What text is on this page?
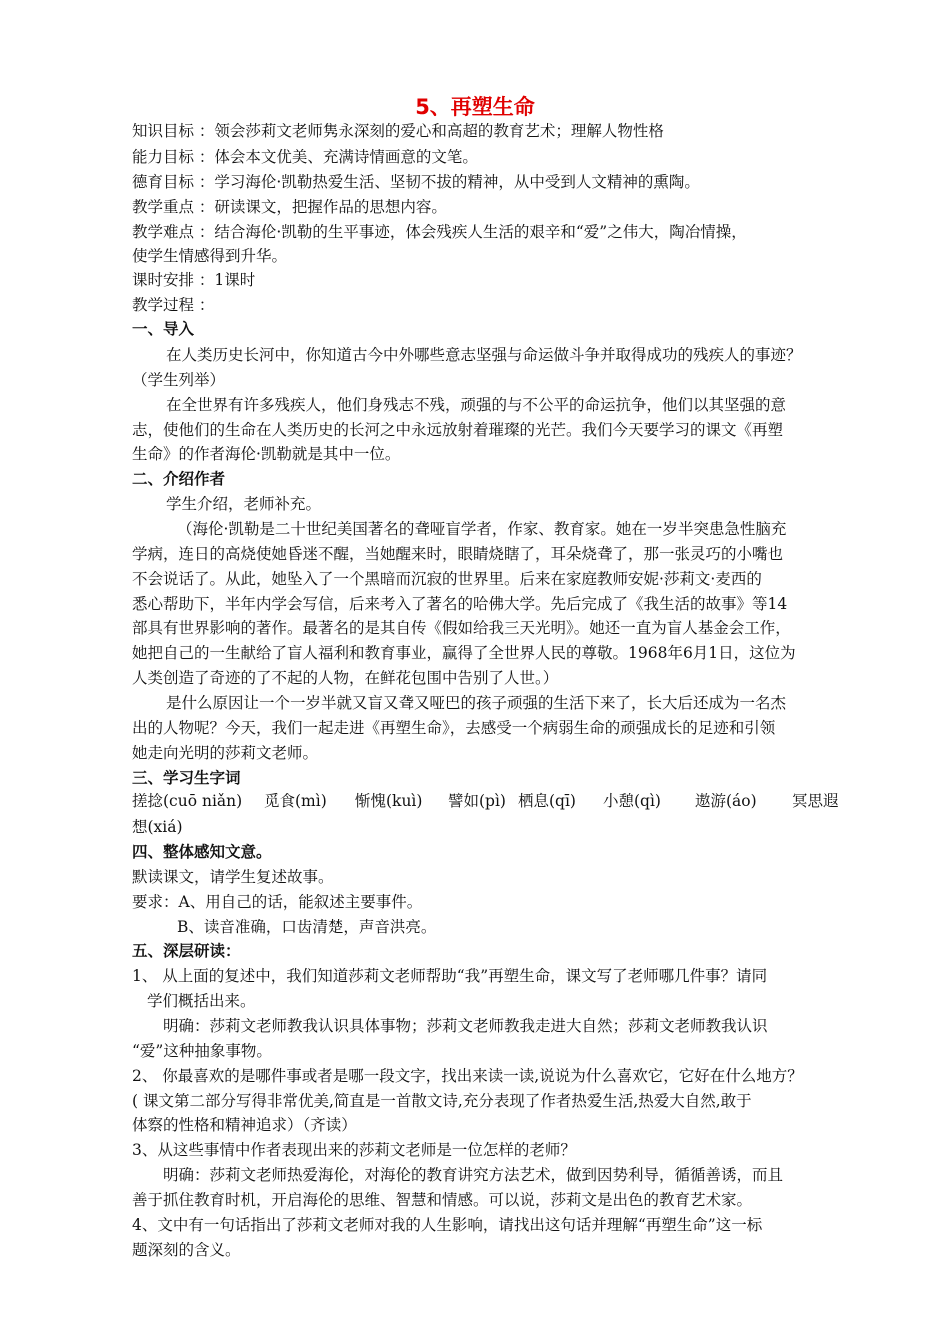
5、再塑生命
知识目标 ：领会莎莉文老师隽永深刻的爱心和高超的教育艺术；理解人物性格
能力目标 ：体会本文优美、充满诗情画意的文笔。
德育目标 ：学习海伦·凯勒热爱生活、坚韧不拔的精神，从中受到人文精神的熏陶。
教学重点 ：研读课文，把握作品的思想内容。
教学难点 ：结合海伦·凯勒的生平事迹，体会残疾人生活的艰辛和“爱”之伟大，陶冶情操，
使学生情感得到升华。
课时安排 ：1课时
教学过程 ：
一、导入
在人类历史长河中，你知道古今中外哪些意志坚强与命运做斗争并取得成功的残疾人的事迹？
（学生列举）
在全世界有许多残疾人，他们身残志不残，顽强的与不公平的命运抗争，他们以其坚强的意
志，使他们的生命在人类历史的长河之中永远放射着璀璨的光芒。我们今天要学习的课文《再塑
生命》的作者海伦·凯勒就是其中一位。
二、介绍作者
学生介绍，老师补充。
（海伦·凯勒是二十世纪美国著名的聋哑盲学者，作家、教育家。她在一岁半突患急性脑充
学病，连日的高烧使她昏迷不醒，当她醒来时，眼睛烧瞎了，耳朵烧聋了，那一张灵巧的小嘴也
不会说话了。从此，她坠入了一个黑暗而沉寂的世界里。后来在家庭教师安妮·莎莉文·麦西的
悉心帮助下，半年内学会写信，后来考入了著名的哈佛大学。先后完成了《我生活的故事》等14
部具有世界影响的著作。最著名的是其自传《假如给我三天光明》。她还一直为盲人基金会工作，
她把自己的一生献给了盲人福利和教育事业，赢得了全世界人民的尊敬。1968年6月1日，这位为
人类创造了奇迹的了不起的人物，在鲜花包围中告别了人世。）
是什么原因让一个一岁半就又盲又聋又哑巴的孩子顽强的生活下来了，长大后还成为一名杰
出的人物呢？今天，我们一起走进《再塑生命》，去感受一个病弱生命的顽强成长的足迹和引领
她走向光明的莎莉文老师。
三、学习生字词
搓捻(cuō niǎn) 觅食(mì) 惭愧(kuì) 譬如(pì) 栖息(qī) 小憩(qì) 遨游(áo) 冥思遐
想(xiá)
四、整体感知文意。
默读课文，请学生复述故事。
要求：A、用自己的话，能叙述主要事件。
B、读音准确，口齿清楚，声音洪亮。
五、深层研读：
1、 从上面的复述中，我们知道莎莉文老师帮助“我”再塑生命，课文写了老师哪几件事？请同
学们概括出来。
明确：莎莉文老师教我认识具体事物；莎莉文老师教我走进大自然；莎莉文老师教我认识
“爱”这种抽象事物。
2、 你最喜欢的是哪件事或者是哪一段文字，找出来读一读,说说为什么喜欢它，它好在什么地方？
( 课文第二部分写得非常优美,简直是一首散文诗,充分表现了作者热爱生活,热爱大自然,敢于
体察的性格和精神追求）（齐读）
3、从这些事情中作者表现出来的莎莉文老师是一位怎样的老师？
明确：莎莉文老师热爱海伦，对海伦的教育讲究方法艺术，做到因势利导，循循善诱，而且
善于抓住教育时机，开启海伦的思维、智慧和情感。可以说，莎莉文是出色的教育艺术家。
4、文中有一句话指出了莎莉文老师对我的人生影响，请找出这句话并理解“再塑生命”这一标
题深刻的含义。
